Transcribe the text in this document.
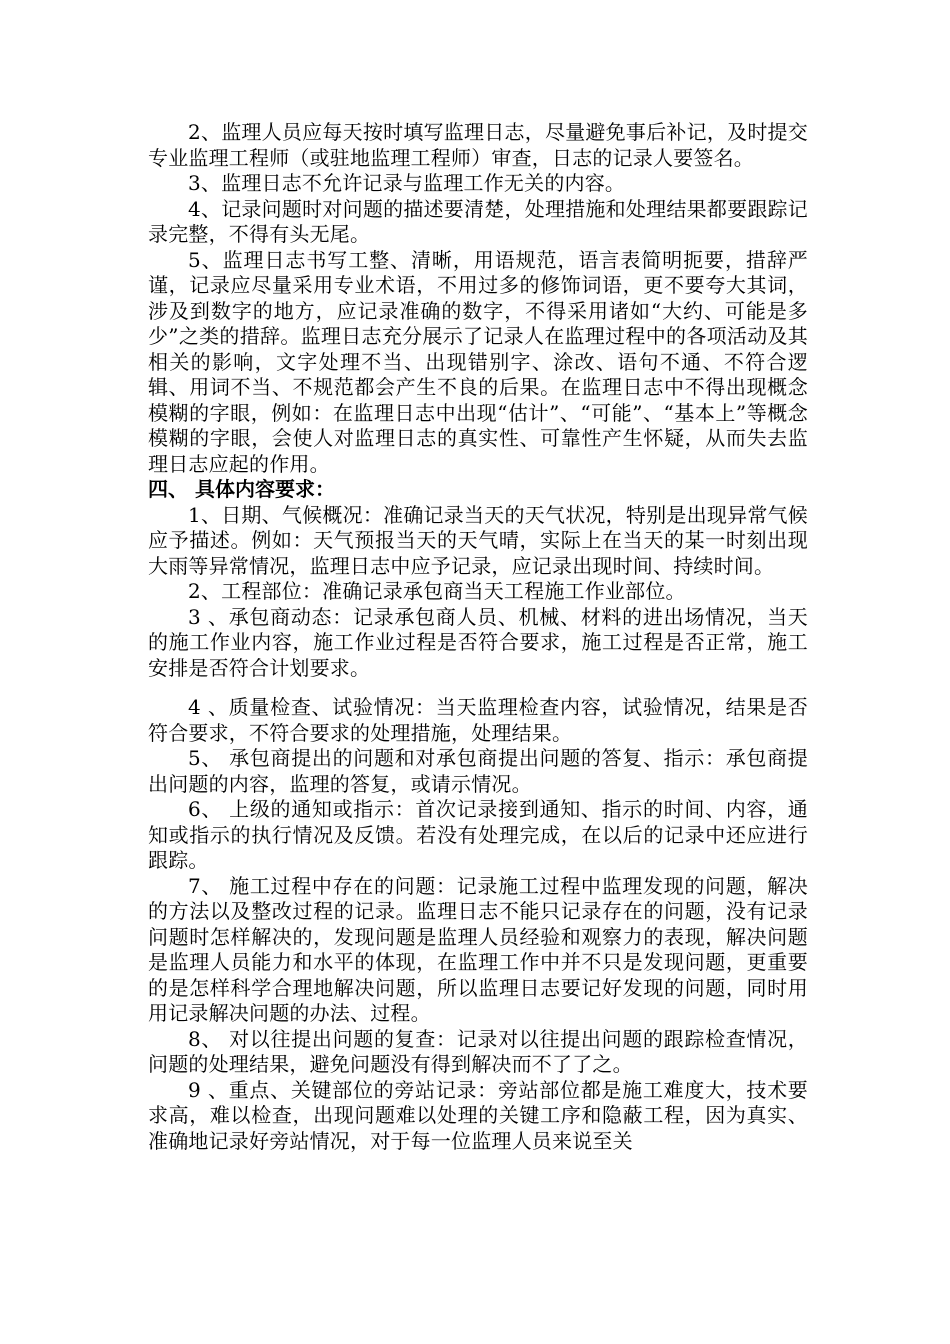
2、监理人员应每天按时填写监理日志，尽量避免事后补记，及时提交专业监理工程师（或驻地监理工程师）审查，日志的记录人要签名。

3、监理日志不允许记录与监理工作无关的内容。

4、记录问题时对问题的描述要清楚，处理措施和处理结果都要跟踪记录完整，不得有头无尾。

5、监理日志书写工整、清晰，用语规范，语言表简明扼要，措辞严谨，记录应尽量采用专业术语，不用过多的修饰词语，更不要夸大其词，涉及到数字的地方，应记录准确的数字，不得采用诸如“大约、可能是多少”之类的措辞。监理日志充分展示了记录人在监理过程中的各项活动及其相关的影响，文字处理不当、出现错别字、涂改、语句不通、不符合逻辑、用词不当、不规范都会产生不良的后果。在监理日志中不得出现概念模糊的字眼，例如：在监理日志中出现“估计”、“可能”、“基本上”等概念模糊的字眼，会使人对监理日志的真实性、可靠性产生怀疑，从而失去监理日志应起的作用。

四、 具体内容要求：

1、日期、气候概况：准确记录当天的天气状况，特别是出现异常气候应予描述。例如：天气预报当天的天气晴，实际上在当天的某一时刻出现大雨等异常情况，监理日志中应予记录，应记录出现时间、持续时间。

2、工程部位：准确记录承包商当天工程施工作业部位。

3 、承包商动态：记录承包商人员、机械、材料的进出场情况，当天的施工作业内容，施工作业过程是否符合要求，施工过程是否正常，施工安排是否符合计划要求。

4 、质量检查、试验情况：当天监理检查内容，试验情况，结果是否符合要求，不符合要求的处理措施，处理结果。

5、 承包商提出的问题和对承包商提出问题的答复、指示：承包商提出问题的内容，监理的答复，或请示情况。

6、 上级的通知或指示：首次记录接到通知、指示的时间、内容，通知或指示的执行情况及反馈。若没有处理完成，在以后的记录中还应进行跟踪。

7、 施工过程中存在的问题：记录施工过程中监理发现的问题，解决的方法以及整改过程的记录。监理日志不能只记录存在的问题，没有记录问题时怎样解决的，发现问题是监理人员经验和观察力的表现，解决问题是监理人员能力和水平的体现，在监理工作中并不只是发现问题，更重要的是怎样科学合理地解决问题，所以监理日志要记好发现的问题，同时用用记录解决问题的办法、过程。

8、 对以往提出问题的复查：记录对以往提出问题的跟踪检查情况，问题的处理结果，避免问题没有得到解决而不了了之。

9 、重点、关键部位的旁站记录：旁站部位都是施工难度大，技术要求高，难以检查，出现问题难以处理的关键工序和隐蔽工程，因为真实、准确地记录好旁站情况，对于每一位监理人员来说至关
